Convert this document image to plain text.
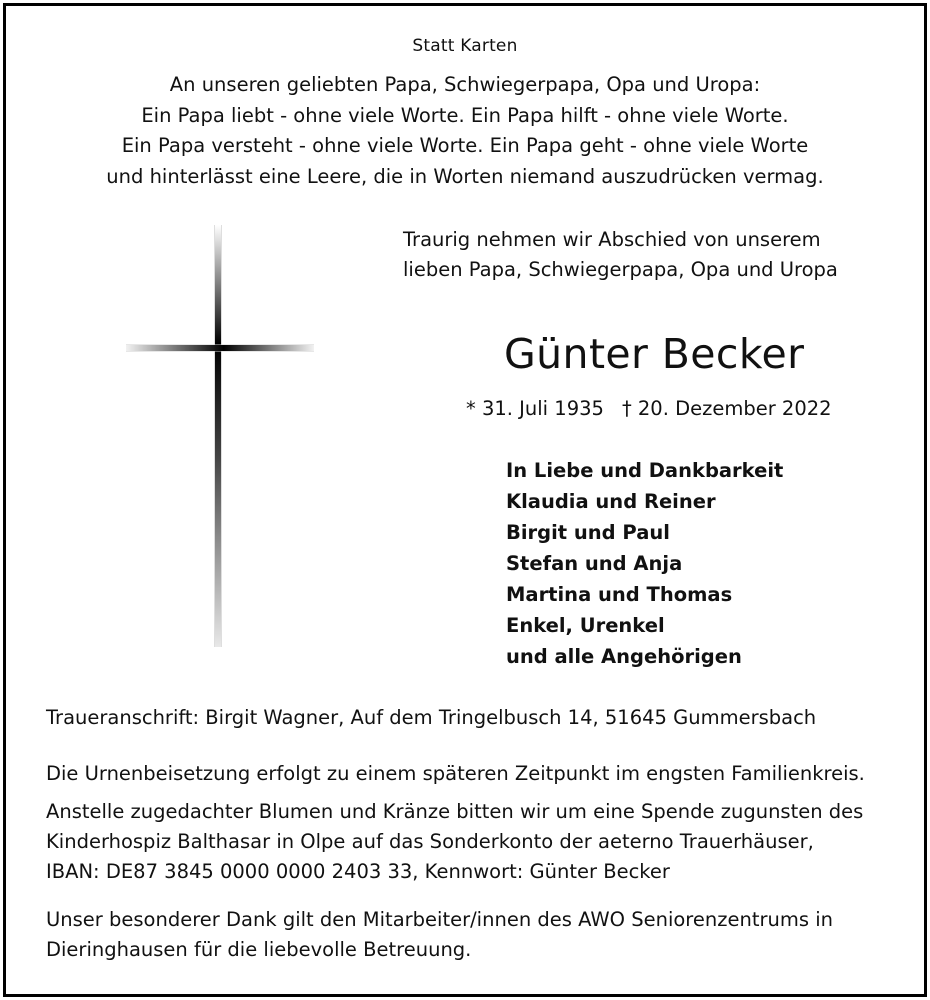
Statt Karten
An unseren geliebten Papa, Schwiegerpapa, Opa und Uropa:
Ein Papa liebt - ohne viele Worte. Ein Papa hilft - ohne viele Worte.
Ein Papa versteht - ohne viele Worte. Ein Papa geht - ohne viele Worte
und hinterlässt eine Leere, die in Worten niemand auszudrücken vermag.
Traurig nehmen wir Abschied von unserem
lieben Papa, Schwiegerpapa, Opa und Uropa
Günter Becker
* 31. Juli 1935 † 20. Dezember 2022
In Liebe und Dankbarkeit
Klaudia und Reiner
Birgit und Paul
Stefan und Anja
Martina und Thomas
Enkel, Urenkel
und alle Angehörigen
Traueranschrift: Birgit Wagner, Auf dem Tringelbusch 14, 51645 Gummersbach
Die Urnenbeisetzung erfolgt zu einem späteren Zeitpunkt im engsten Familienkreis.
Anstelle zugedachter Blumen und Kränze bitten wir um eine Spende zugunsten des
Kinderhospiz Balthasar in Olpe auf das Sonderkonto der aeterno Trauerhäuser,
IBAN: DE87 3845 0000 0000 2403 33, Kennwort: Günter Becker
Unser besonderer Dank gilt den Mitarbeiter/innen des AWO Seniorenzentrums in
Dieringhausen für die liebevolle Betreuung.
